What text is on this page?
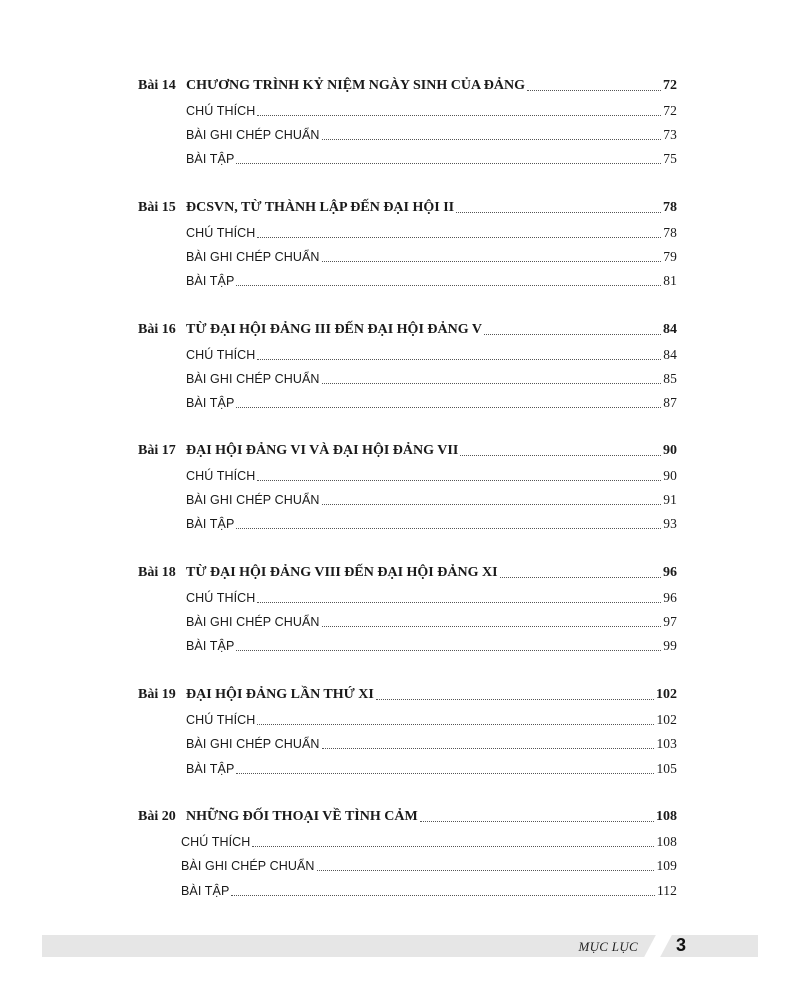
Bài 14 CHƯƠNG TRÌNH KỶ NIỆM NGÀY SINH CỦA ĐẢNG	72
CHÚ THÍCH	72
BÀI GHI CHÉP CHUẨN	73
BÀI TẬP	75
Bài 15 ĐCSVN, TỪ THÀNH LẬP ĐẾN ĐẠI HỘI II	78
CHÚ THÍCH	78
BÀI GHI CHÉP CHUẨN	79
BÀI TẬP	81
Bài 16 TỪ ĐẠI HỘI ĐẢNG III ĐẾN ĐẠI HỘI ĐẢNG V	84
CHÚ THÍCH	84
BÀI GHI CHÉP CHUẨN	85
BÀI TẬP	87
Bài 17 ĐẠI HỘI ĐẢNG VI VÀ ĐẠI HỘI ĐẢNG VII	90
CHÚ THÍCH	90
BÀI GHI CHÉP CHUẨN	91
BÀI TẬP	93
Bài 18 TỪ ĐẠI HỘI ĐẢNG VIII ĐẾN ĐẠI HỘI ĐẢNG XI	96
CHÚ THÍCH	96
BÀI GHI CHÉP CHUẨN	97
BÀI TẬP	99
Bài 19 ĐẠI HỘI ĐẢNG LẦN THỨ XI	102
CHÚ THÍCH	102
BÀI GHI CHÉP CHUẨN	103
BÀI TẬP	105
Bài 20 NHỮNG ĐỐI THOẠI VỀ TÌNH CẢM	108
CHÚ THÍCH	108
BÀI GHI CHÉP CHUẨN	109
BÀI TẬP	112
MỤC LỤC 3
